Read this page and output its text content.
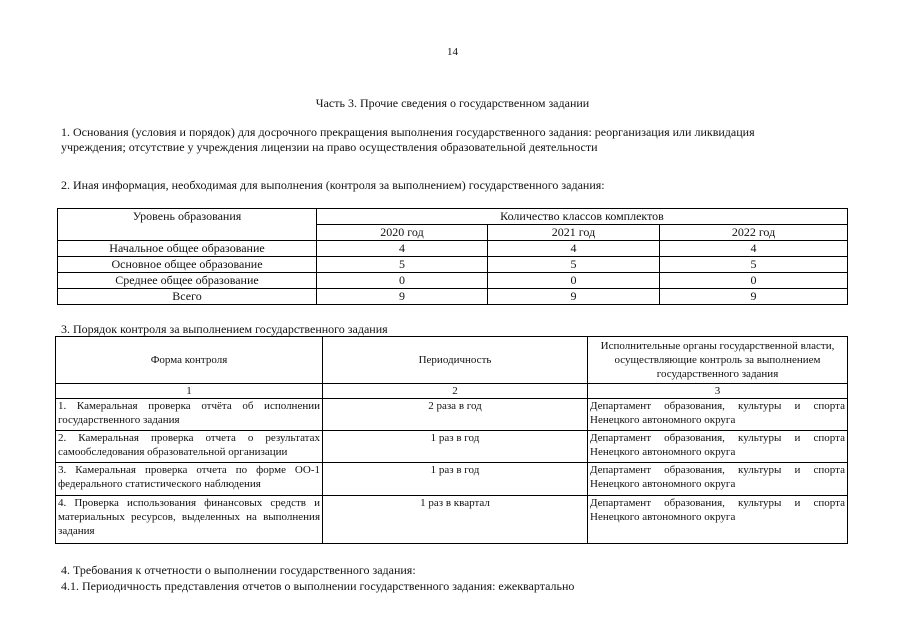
14
Часть 3. Прочие сведения о государственном задании
1. Основания (условия и порядок) для досрочного прекращения выполнения государственного задания: реорганизация или ликвидация
учреждения; отсутствие у учреждения лицензии на право осуществления образовательной деятельности
2. Иная информация, необходимая для выполнения (контроля за выполнением) государственного задания:
Уровень образования	Количество классов комплектов		
	2020 год	2021 год	2022 год
Начальное общее образование	4	4	4
Основное общее образование	5	5	5
Среднее общее образование	0	0	0
Всего	9	9	9
3. Порядок контроля за выполнением государственного задания
Форма контроля	Периодичность	Исполнительные органы государственной власти, осуществляющие контроль за выполнением государственного задания
1	2	3
1. Камеральная проверка отчёта об исполнении государственного задания	2 раза в год	Департамент образования, культуры и спорта Ненецкого автономного округа
2. Камеральная проверка отчета о результатах самообследования образовательной организации	1 раз в год	Департамент образования, культуры и спорта Ненецкого автономного округа
3. Камеральная проверка отчета по форме ОО-1 федерального статистического наблюдения	1 раз в год	Департамент образования, культуры и спорта Ненецкого автономного округа
4. Проверка использования финансовых средств и материальных ресурсов, выделенных на выполнения задания	1 раз в квартал	Департамент образования, культуры и спорта Ненецкого автономного округа
4. Требования к отчетности о выполнении государственного задания:
4.1. Периодичность представления отчетов о выполнении государственного задания: ежеквартально
